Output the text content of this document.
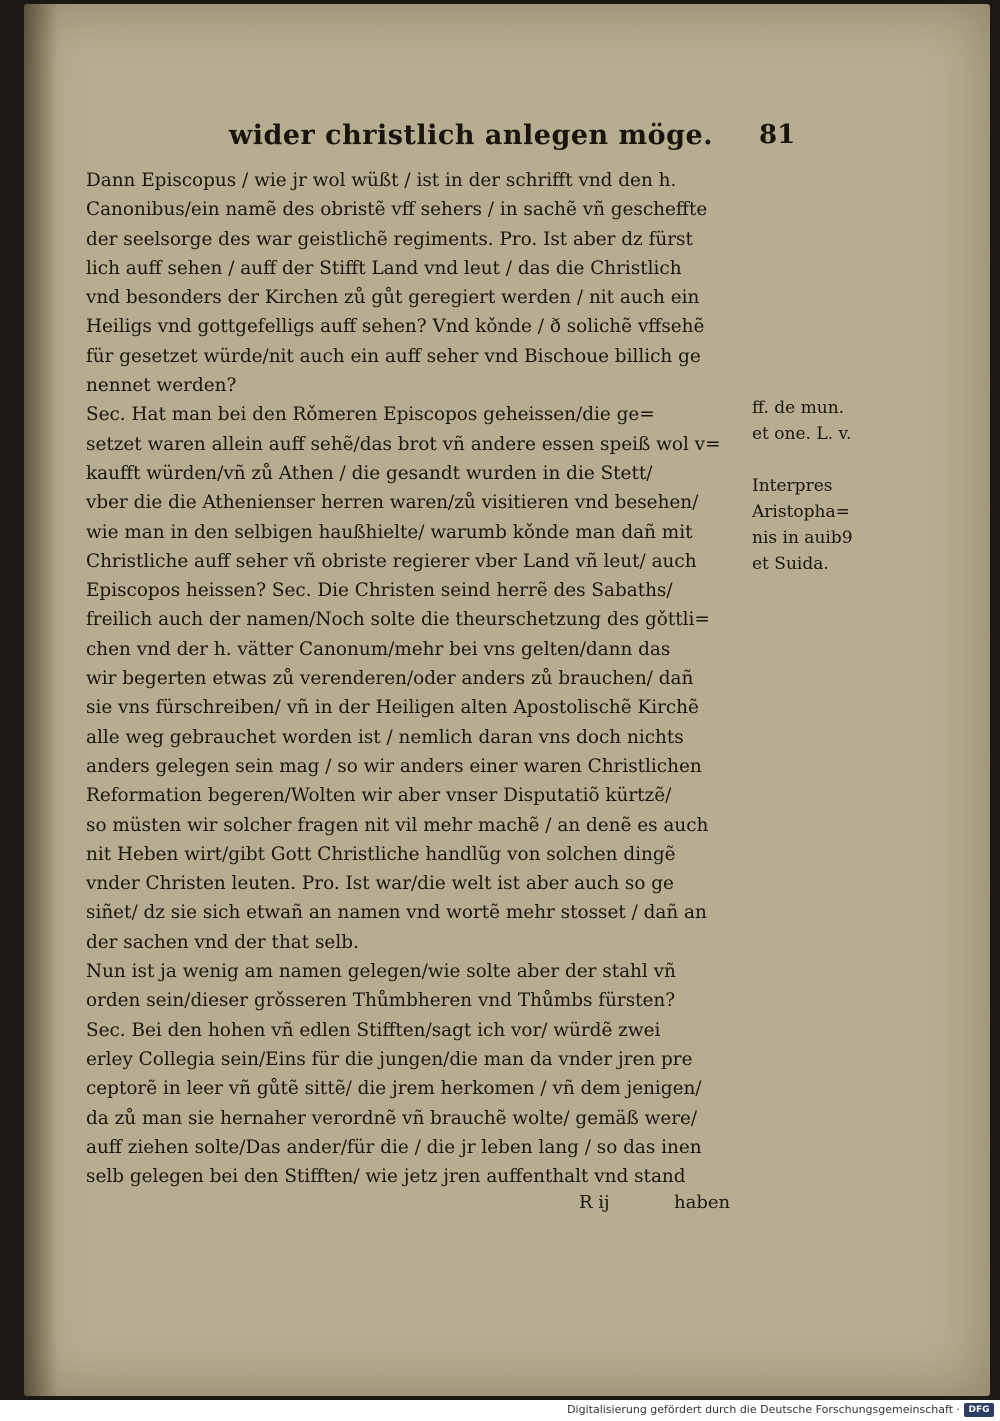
wider christlich anlegen möge. 81
Dann Episcopus / wie jr wol wüßt / ist in der schrifft vnd den h.
Canonibus/ein namẽ des obristẽ vff sehers / in sachẽ vñ gescheffte
der seelsorge des war geistlichẽ regiments. Pro. Ist aber dz fürst
lich auff sehen / auff der Stifft Land vnd leut / das die Christlich
vnd besonders der Kirchen zů gůt geregiert werden / nit auch ein
Heiligs vnd gottgefelligs auff sehen? Vnd kǒnde / ð solichẽ vffsehẽ
für gesetzet würde/nit auch ein auff seher vnd Bischoue billich ge
nennet werden?
Sec. Hat man bei den Rǒmeren Episcopos geheissen/die ge=
setzet waren allein auff sehẽ/das brot vñ andere essen speiß wol v=
kaufft würden/vñ zů Athen / die gesandt wurden in die Stett/
vber die die Athenienser herren waren/zů visitieren vnd besehen/
wie man in den selbigen haußhielte/ warumb kǒnde man dañ mit
Christliche auff seher vñ obriste regierer vber Land vñ leut/ auch
Episcopos heissen? Sec. Die Christen seind herrẽ des Sabaths/
freilich auch der namen/Noch solte die theurschetzung des gǒttli=
chen vnd der h. vätter Canonum/mehr bei vns gelten/dann das
wir begerten etwas zů verenderen/oder anders zů brauchen/ dañ
sie vns fürschreiben/ vñ in der Heiligen alten Apostolischẽ Kirchẽ
alle weg gebrauchet worden ist / nemlich daran vns doch nichts
anders gelegen sein mag / so wir anders einer waren Christlichen
Reformation begeren/Wolten wir aber vnser Disputatiõ kürtzẽ/
so müsten wir solcher fragen nit vil mehr machẽ / an denẽ es auch
nit Heben wirt/gibt Gott Christliche handlũg von solchen dingẽ
vnder Christen leuten. Pro. Ist war/die welt ist aber auch so ge
siñet/ dz sie sich etwañ an namen vnd wortẽ mehr stosset / dañ an
der sachen vnd der that selb.
Nun ist ja wenig am namen gelegen/wie solte aber der stahl vñ
orden sein/dieser grǒsseren Thůmbheren vnd Thůmbs fürsten?
Sec. Bei den hohen vñ edlen Stifften/sagt ich vor/ würdẽ zwei
erley Collegia sein/Eins für die jungen/die man da vnder jren pre
ceptorẽ in leer vñ gůtẽ sittẽ/ die jrem herkomen / vñ dem jenigen/
da zů man sie hernaher verordnẽ vñ brauchẽ wolte/ gemäß were/
auff ziehen solte/Das ander/für die / die jr leben lang / so das inen
selb gelegen bei den Stifften/ wie jetz jren auffenthalt vnd stand
ff. de mun.
et one. L. v.
Interpres
Aristopha=
nis in auib9
et Suida.
R ij	haben
Digitalisierung gefördert durch die Deutsche Forschungsgemeinschaft · DFG
